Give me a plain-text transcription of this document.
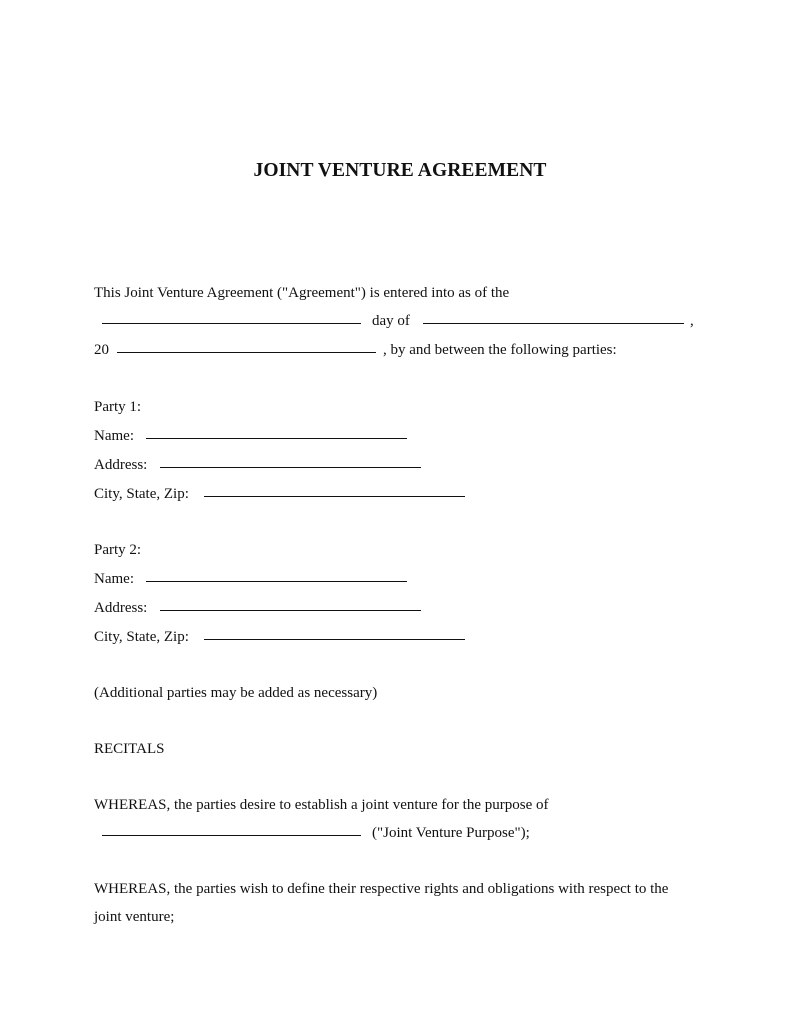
JOINT VENTURE AGREEMENT
This Joint Venture Agreement ("Agreement") is entered into as of the
day of	,
20	, by and between the following parties:
Party 1:
Name:
Address:
City, State, Zip:
Party 2:
Name:
Address:
City, State, Zip:
(Additional parties may be added as necessary)
RECITALS
WHEREAS, the parties desire to establish a joint venture for the purpose of
("Joint Venture Purpose");
WHEREAS, the parties wish to define their respective rights and obligations with respect to the
joint venture;
